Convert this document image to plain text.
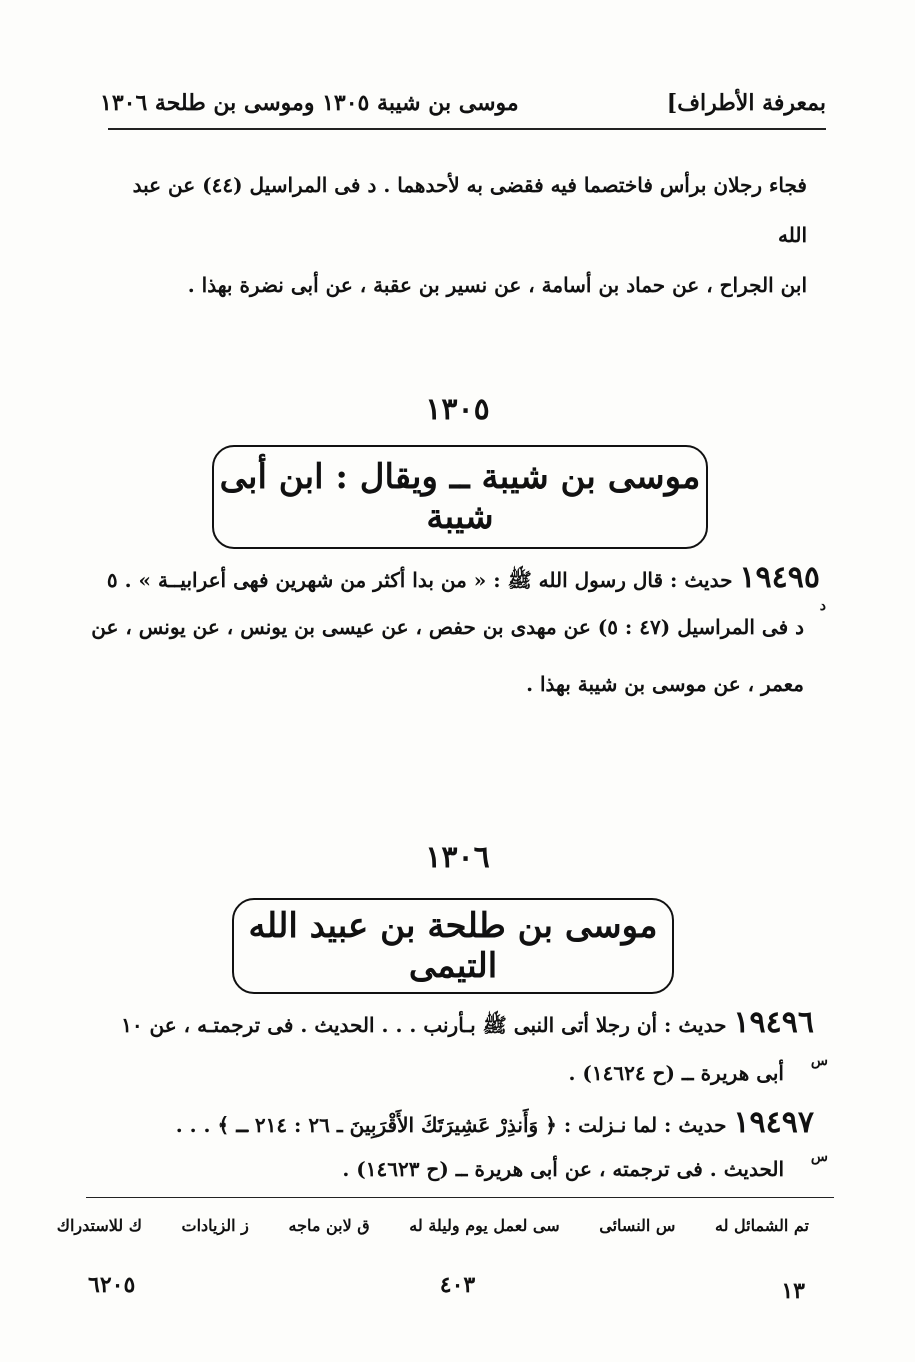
بمعرفة الأطراف]
موسى بن شيبة ١٣٠٥ وموسى بن طلحة ١٣٠٦
فجاء رجلان برأس فاختصما فيه فقضى به لأحدهما . د فى المراسيل (٤٤) عن عبد الله
ابن الجراح ، عن حماد بن أسامة ، عن نسير بن عقبة ، عن أبى نضرة بهذا .
١٣٠٥
موسى بن شيبة ــ ويقال : ابن أبى شيبة
١٩٤٩٥ حديث : قال رسول الله ﷺ : « من بدا أكثر من شهرين فهى أعرابيــة » . ٥
د
د فى المراسيل (٤٧ : ٥) عن مهدى بن حفص ، عن عيسى بن يونس ، عن يونس ، عن
معمر ، عن موسى بن شيبة بهذا .
١٣٠٦
موسى بن طلحة بن عبيد الله التيمى
١٩٤٩٦ حديث : أن رجلا أتى النبى ﷺ بـأرنب . . . الحديث . فى ترجمتـه ، عن ١٠
س
أبى هريرة ــ (ح ١٤٦٢٤) .
١٩٤٩٧ حديث : لما نـزلت : ﴿ وَأَنذِرْ عَشِيرَتَكَ الأَقْرَبِينَ ـ ٢٦ : ٢١٤ ـ ﴾ . . .
س
الحديث . فى ترجمته ، عن أبى هريرة ــ (ح ١٤٦٢٣) .
تم الشمائل له س النسائى سى لعمل يوم وليلة له ق لابن ماجه ز الزيادات ك للاستدراك
٦٢٠٥	٤٠٣	١٣
